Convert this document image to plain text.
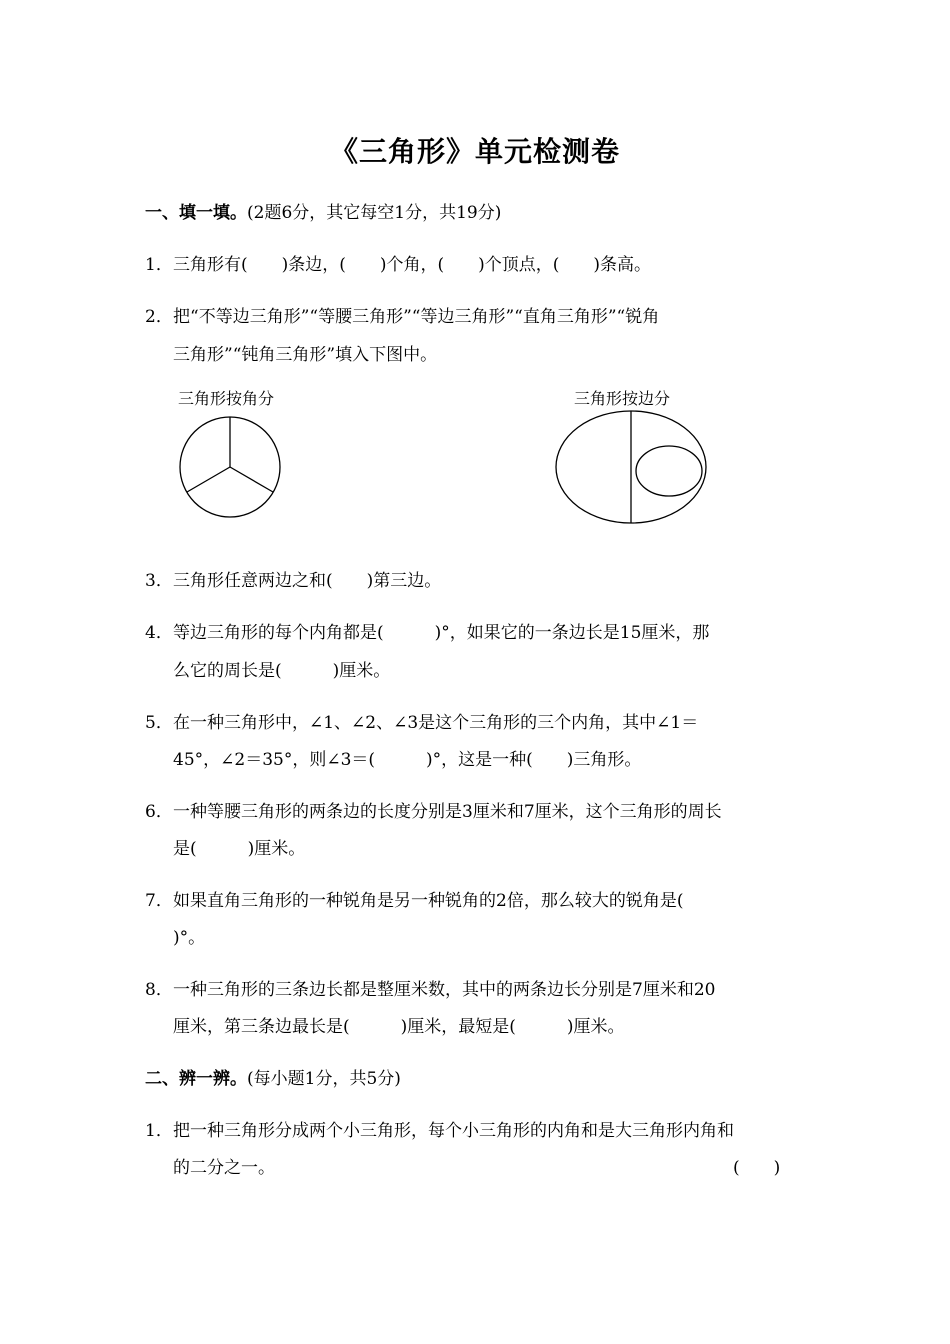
《三角形》单元检测卷
一、填一填。(2题6分，其它每空1分，共19分)
1． 三角形有(　　)条边，(　　)个角，(　　)个顶点，(　　)条高。
2． 把“不等边三角形”“等腰三角形”“等边三角形”“直角三角形”“锐角
三角形”“钝角三角形”填入下图中。
三角形按角分	三角形按边分
3． 三角形任意两边之和(　　)第三边。
4． 等边三角形的每个内角都是(　　　)°，如果它的一条边长是15厘米，那
么它的周长是(　　　)厘米。
5． 在一种三角形中，∠1、∠2、∠3是这个三角形的三个内角，其中∠1＝
45°，∠2＝35°，则∠3＝(　　　)°，这是一种(　　)三角形。
6． 一种等腰三角形的两条边的长度分别是3厘米和7厘米，这个三角形的周长
是(　　　)厘米。
7． 如果直角三角形的一种锐角是另一种锐角的2倍，那么较大的锐角是(
)°。
8． 一种三角形的三条边长都是整厘米数，其中的两条边长分别是7厘米和20
厘米，第三条边最长是(　　　)厘米，最短是(　　　)厘米。
二、辨一辨。(每小题1分，共5分)
1． 把一种三角形分成两个小三角形，每个小三角形的内角和是大三角形内角和
的二分之一。	(　　)
